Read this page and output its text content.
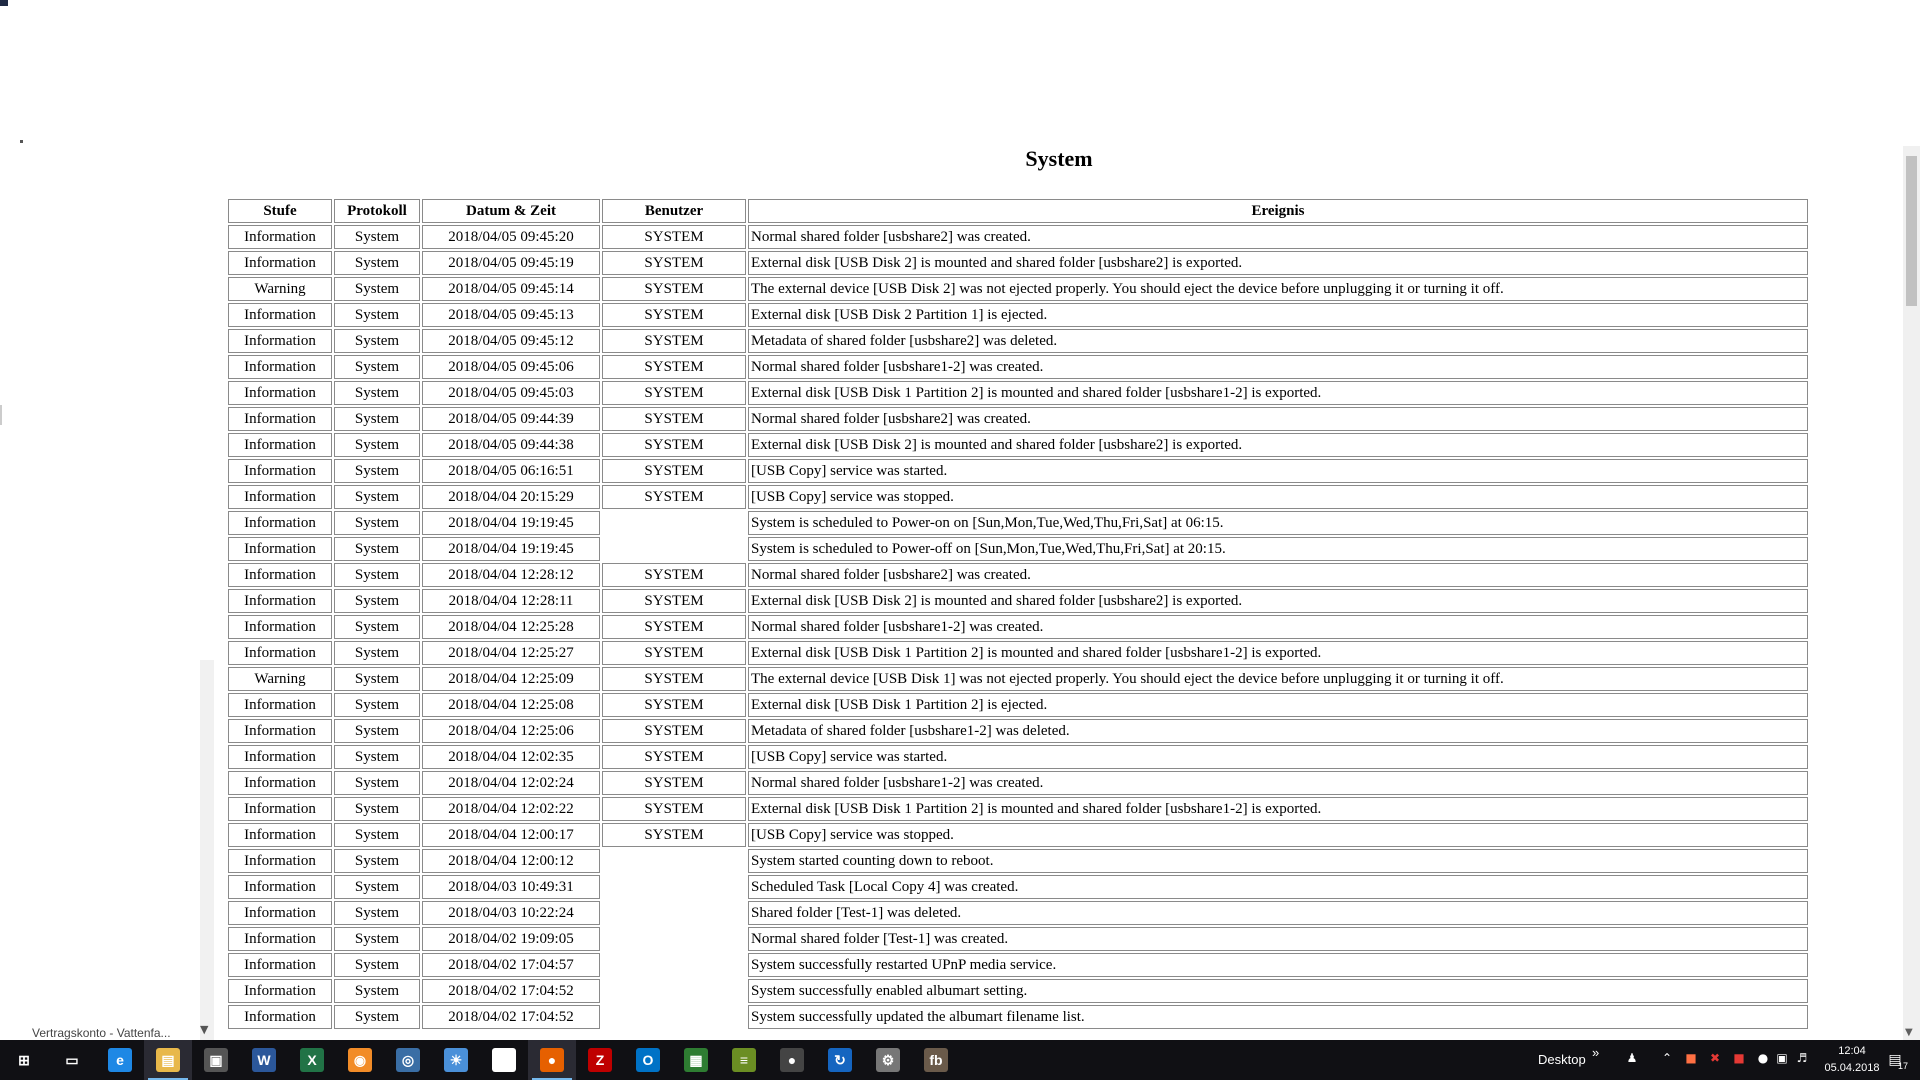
Vertragskonto - Vattenfa...	▼
System
Stufe	Protokoll	Datum & Zeit	Benutzer	Ereignis
Information	System	2018/04/05 09:45:20	SYSTEM	Normal shared folder [usbshare2] was created.
Information	System	2018/04/05 09:45:19	SYSTEM	External disk [USB Disk 2] is mounted and shared folder [usbshare2] is exported.
Warning	System	2018/04/05 09:45:14	SYSTEM	The external device [USB Disk 2] was not ejected properly. You should eject the device before unplugging it or turning it off.
Information	System	2018/04/05 09:45:13	SYSTEM	External disk [USB Disk 2 Partition 1] is ejected.
Information	System	2018/04/05 09:45:12	SYSTEM	Metadata of shared folder [usbshare2] was deleted.
Information	System	2018/04/05 09:45:06	SYSTEM	Normal shared folder [usbshare1-2] was created.
Information	System	2018/04/05 09:45:03	SYSTEM	External disk [USB Disk 1 Partition 2] is mounted and shared folder [usbshare1-2] is exported.
Information	System	2018/04/05 09:44:39	SYSTEM	Normal shared folder [usbshare2] was created.
Information	System	2018/04/05 09:44:38	SYSTEM	External disk [USB Disk 2] is mounted and shared folder [usbshare2] is exported.
Information	System	2018/04/05 06:16:51	SYSTEM	[USB Copy] service was started.
Information	System	2018/04/04 20:15:29	SYSTEM	[USB Copy] service was stopped.
Information	System	2018/04/04 19:19:45		System is scheduled to Power-on on [Sun,Mon,Tue,Wed,Thu,Fri,Sat] at 06:15.
Information	System	2018/04/04 19:19:45		System is scheduled to Power-off on [Sun,Mon,Tue,Wed,Thu,Fri,Sat] at 20:15.
Information	System	2018/04/04 12:28:12	SYSTEM	Normal shared folder [usbshare2] was created.
Information	System	2018/04/04 12:28:11	SYSTEM	External disk [USB Disk 2] is mounted and shared folder [usbshare2] is exported.
Information	System	2018/04/04 12:25:28	SYSTEM	Normal shared folder [usbshare1-2] was created.
Information	System	2018/04/04 12:25:27	SYSTEM	External disk [USB Disk 1 Partition 2] is mounted and shared folder [usbshare1-2] is exported.
Warning	System	2018/04/04 12:25:09	SYSTEM	The external device [USB Disk 1] was not ejected properly. You should eject the device before unplugging it or turning it off.
Information	System	2018/04/04 12:25:08	SYSTEM	External disk [USB Disk 1 Partition 2] is ejected.
Information	System	2018/04/04 12:25:06	SYSTEM	Metadata of shared folder [usbshare1-2] was deleted.
Information	System	2018/04/04 12:02:35	SYSTEM	[USB Copy] service was started.
Information	System	2018/04/04 12:02:24	SYSTEM	Normal shared folder [usbshare1-2] was created.
Information	System	2018/04/04 12:02:22	SYSTEM	External disk [USB Disk 1 Partition 2] is mounted and shared folder [usbshare1-2] is exported.
Information	System	2018/04/04 12:00:17	SYSTEM	[USB Copy] service was stopped.
Information	System	2018/04/04 12:00:12		System started counting down to reboot.
Information	System	2018/04/03 10:49:31		Scheduled Task [Local Copy 4] was created.
Information	System	2018/04/03 10:22:24		Shared folder [Test-1] was deleted.
Information	System	2018/04/02 19:09:05		Normal shared folder [Test-1] was created.
Information	System	2018/04/02 17:04:57		System successfully restarted UPnP media service.
Information	System	2018/04/02 17:04:52		System successfully enabled albumart setting.
Information	System	2018/04/02 17:04:52		System successfully updated the albumart filename list.
▼
⊞	▭	e	▤	▣	W	X	◉	◎	☀	●	Z	O	▦	≡	●	↻	⚙	fb	Desktop » ♟ ⌃ ■ ✖ ■ ● ▣ ♬	12:04
05.04.2018 ▤
17
